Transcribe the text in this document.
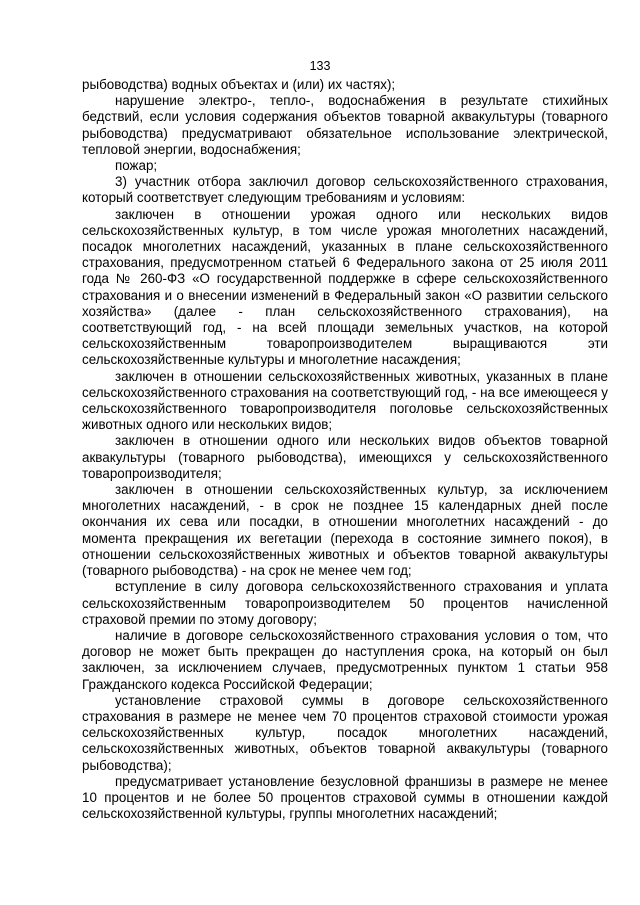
133

рыбоводства) водных объектах и (или) их частях);

нарушение электро-, тепло-, водоснабжения в результате стихийных бедствий, если условия содержания объектов товарной аквакультуры (товарного рыбоводства) предусматривают обязательное использование электрической, тепловой энергии, водоснабжения;

пожар;

3) участник отбора заключил договор сельскохозяйственного страхования, который соответствует следующим требованиям и условиям:

заключен в отношении урожая одного или нескольких видов сельскохозяйственных культур, в том числе урожая многолетних насаждений, посадок многолетних насаждений, указанных в плане сельскохозяйственного страхования, предусмотренном статьей 6 Федерального закона от 25 июля 2011 года № 260-ФЗ «О государственной поддержке в сфере сельскохозяйственного страхования и о внесении изменений в Федеральный закон «О развитии сельского хозяйства» (далее - план сельскохозяйственного страхования), на соответствующий год, - на всей площади земельных участков, на которой сельскохозяйственным товаропроизводителем выращиваются эти сельскохозяйственные культуры и многолетние насаждения;

заключен в отношении сельскохозяйственных животных, указанных в плане сельскохозяйственного страхования на соответствующий год, - на все имеющееся у сельскохозяйственного товаропроизводителя поголовье сельскохозяйственных животных одного или нескольких видов;

заключен в отношении одного или нескольких видов объектов товарной аквакультуры (товарного рыбоводства), имеющихся у сельскохозяйственного товаропроизводителя;

заключен в отношении сельскохозяйственных культур, за исключением многолетних насаждений, - в срок не позднее 15 календарных дней после окончания их сева или посадки, в отношении многолетних насаждений - до момента прекращения их вегетации (перехода в состояние зимнего покоя), в отношении сельскохозяйственных животных и объектов товарной аквакультуры (товарного рыбоводства) - на срок не менее чем год;

вступление в силу договора сельскохозяйственного страхования и уплата сельскохозяйственным товаропроизводителем 50 процентов начисленной страховой премии по этому договору;

наличие в договоре сельскохозяйственного страхования условия о том, что договор не может быть прекращен до наступления срока, на который он был заключен, за исключением случаев, предусмотренных пунктом 1 статьи 958 Гражданского кодекса Российской Федерации;

установление страховой суммы в договоре сельскохозяйственного страхования в размере не менее чем 70 процентов страховой стоимости урожая сельскохозяйственных культур, посадок многолетних насаждений, сельскохозяйственных животных, объектов товарной аквакультуры (товарного рыбоводства);

предусматривает установление безусловной франшизы в размере не менее 10 процентов и не более 50 процентов страховой суммы в отношении каждой сельскохозяйственной культуры, группы многолетних насаждений;
